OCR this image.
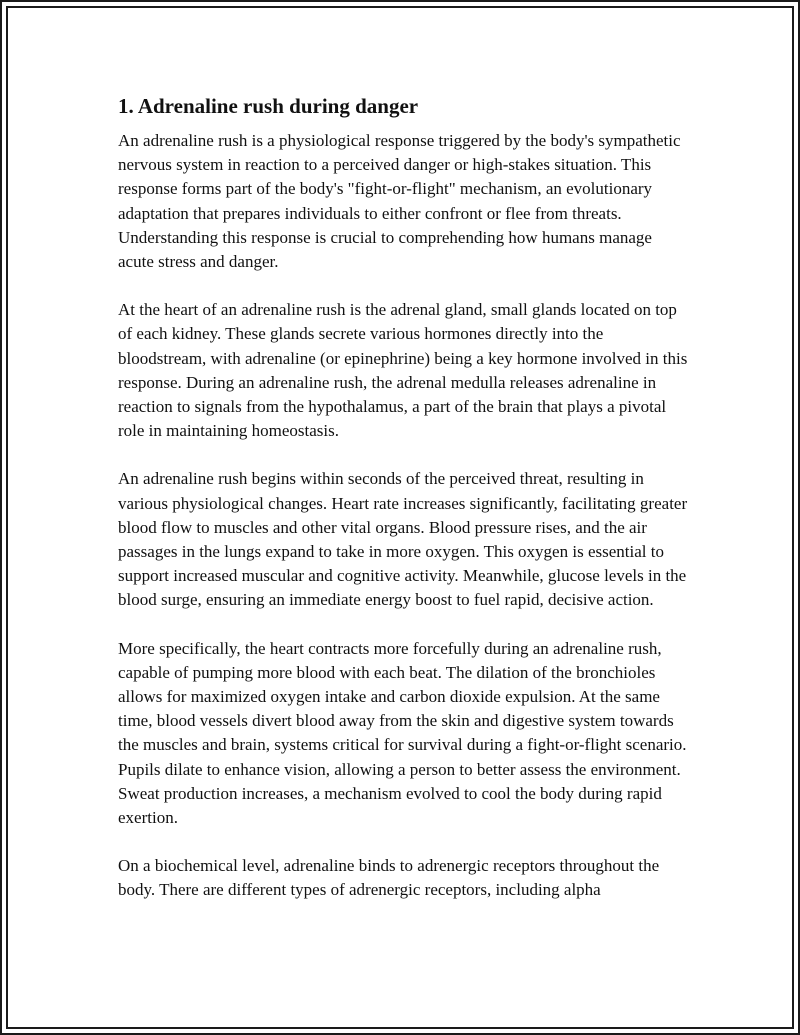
1. Adrenaline rush during danger

An adrenaline rush is a physiological response triggered by the body's sympathetic nervous system in reaction to a perceived danger or high-stakes situation. This response forms part of the body's "fight-or-flight" mechanism, an evolutionary adaptation that prepares individuals to either confront or flee from threats. Understanding this response is crucial to comprehending how humans manage acute stress and danger.

At the heart of an adrenaline rush is the adrenal gland, small glands located on top of each kidney. These glands secrete various hormones directly into the bloodstream, with adrenaline (or epinephrine) being a key hormone involved in this response. During an adrenaline rush, the adrenal medulla releases adrenaline in reaction to signals from the hypothalamus, a part of the brain that plays a pivotal role in maintaining homeostasis.

An adrenaline rush begins within seconds of the perceived threat, resulting in various physiological changes. Heart rate increases significantly, facilitating greater blood flow to muscles and other vital organs. Blood pressure rises, and the air passages in the lungs expand to take in more oxygen. This oxygen is essential to support increased muscular and cognitive activity. Meanwhile, glucose levels in the blood surge, ensuring an immediate energy boost to fuel rapid, decisive action.

More specifically, the heart contracts more forcefully during an adrenaline rush, capable of pumping more blood with each beat. The dilation of the bronchioles allows for maximized oxygen intake and carbon dioxide expulsion. At the same time, blood vessels divert blood away from the skin and digestive system towards the muscles and brain, systems critical for survival during a fight-or-flight scenario. Pupils dilate to enhance vision, allowing a person to better assess the environment. Sweat production increases, a mechanism evolved to cool the body during rapid exertion.

On a biochemical level, adrenaline binds to adrenergic receptors throughout the body. There are different types of adrenergic receptors, including alpha
